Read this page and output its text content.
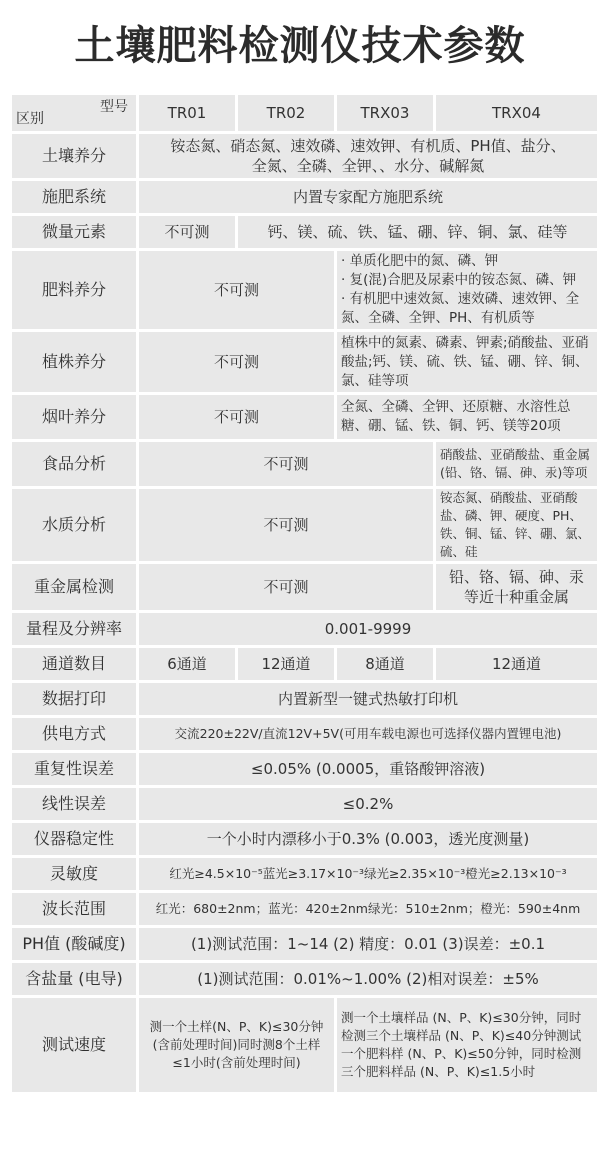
土壤肥料检测仪技术参数
型号
区别	TR01	TR02	TRX03	TRX04
土壤养分	铵态氮、硝态氮、速效磷、速效钾、有机质、PH值、盐分、
全氮、全磷、全钾、、水分、碱解氮			
施肥系统	内置专家配方施肥系统			
微量元素	不可测	钙、镁、硫、铁、锰、硼、锌、铜、氯、硅等		
肥料养分	不可测		· 单质化肥中的氮、磷、钾
· 复(混)合肥及尿素中的铵态氮、磷、钾
· 有机肥中速效氮、速效磷、速效钾、全氮、全磷、全钾、PH、有机质等	
植株养分	不可测		植株中的氮素、磷素、钾素;硝酸盐、亚硝酸盐;钙、镁、硫、铁、锰、硼、锌、铜、氯、硅等项	
烟叶养分	不可测		全氮、全磷、全钾、还原糖、水溶性总糖、硼、锰、铁、铜、钙、镁等20项	
食品分析	不可测			硝酸盐、亚硝酸盐、重金属(铅、铬、镉、砷、汞)等项
水质分析	不可测			铵态氮、硝酸盐、亚硝酸盐、磷、钾、硬度、PH、铁、铜、锰、锌、硼、氯、硫、硅
重金属检测	不可测			铅、铬、镉、砷、汞
等近十种重金属
量程及分辨率	0.001-9999			
通道数目	6通道	12通道	8通道	12通道
数据打印	内置新型一键式热敏打印机			
供电方式	交流220±22V/直流12V+5V(可用车载电源也可选择仪器内置锂电池)			
重复性误差	≤0.05% (0.0005，重铬酸钾溶液)			
线性误差	≤0.2%			
仪器稳定性	一个小时内漂移小于0.3% (0.003，透光度测量)			
灵敏度	红光≥4.5×10⁻⁵蓝光≥3.17×10⁻³绿光≥2.35×10⁻³橙光≥2.13×10⁻³			
波长范围	红光：680±2nm；蓝光：420±2nm绿光：510±2nm；橙光：590±4nm			
PH值 (酸碱度)	(1)测试范围：1~14 (2) 精度：0.01 (3)误差：±0.1			
含盐量 (电导)	(1)测试范围：0.01%~1.00% (2)相对误差：±5%			
测试速度	测一个土样(N、P、K)≤30分钟
(含前处理时间)同时测8个土样
≤1小时(含前处理时间)		测一个土壤样品 (N、P、K)≤30分钟，同时检测三个土壤样品 (N、P、K)≤40分钟测试一个肥料样 (N、P、K)≤50分钟，同时检测三个肥料样品 (N、P、K)≤1.5小时	
